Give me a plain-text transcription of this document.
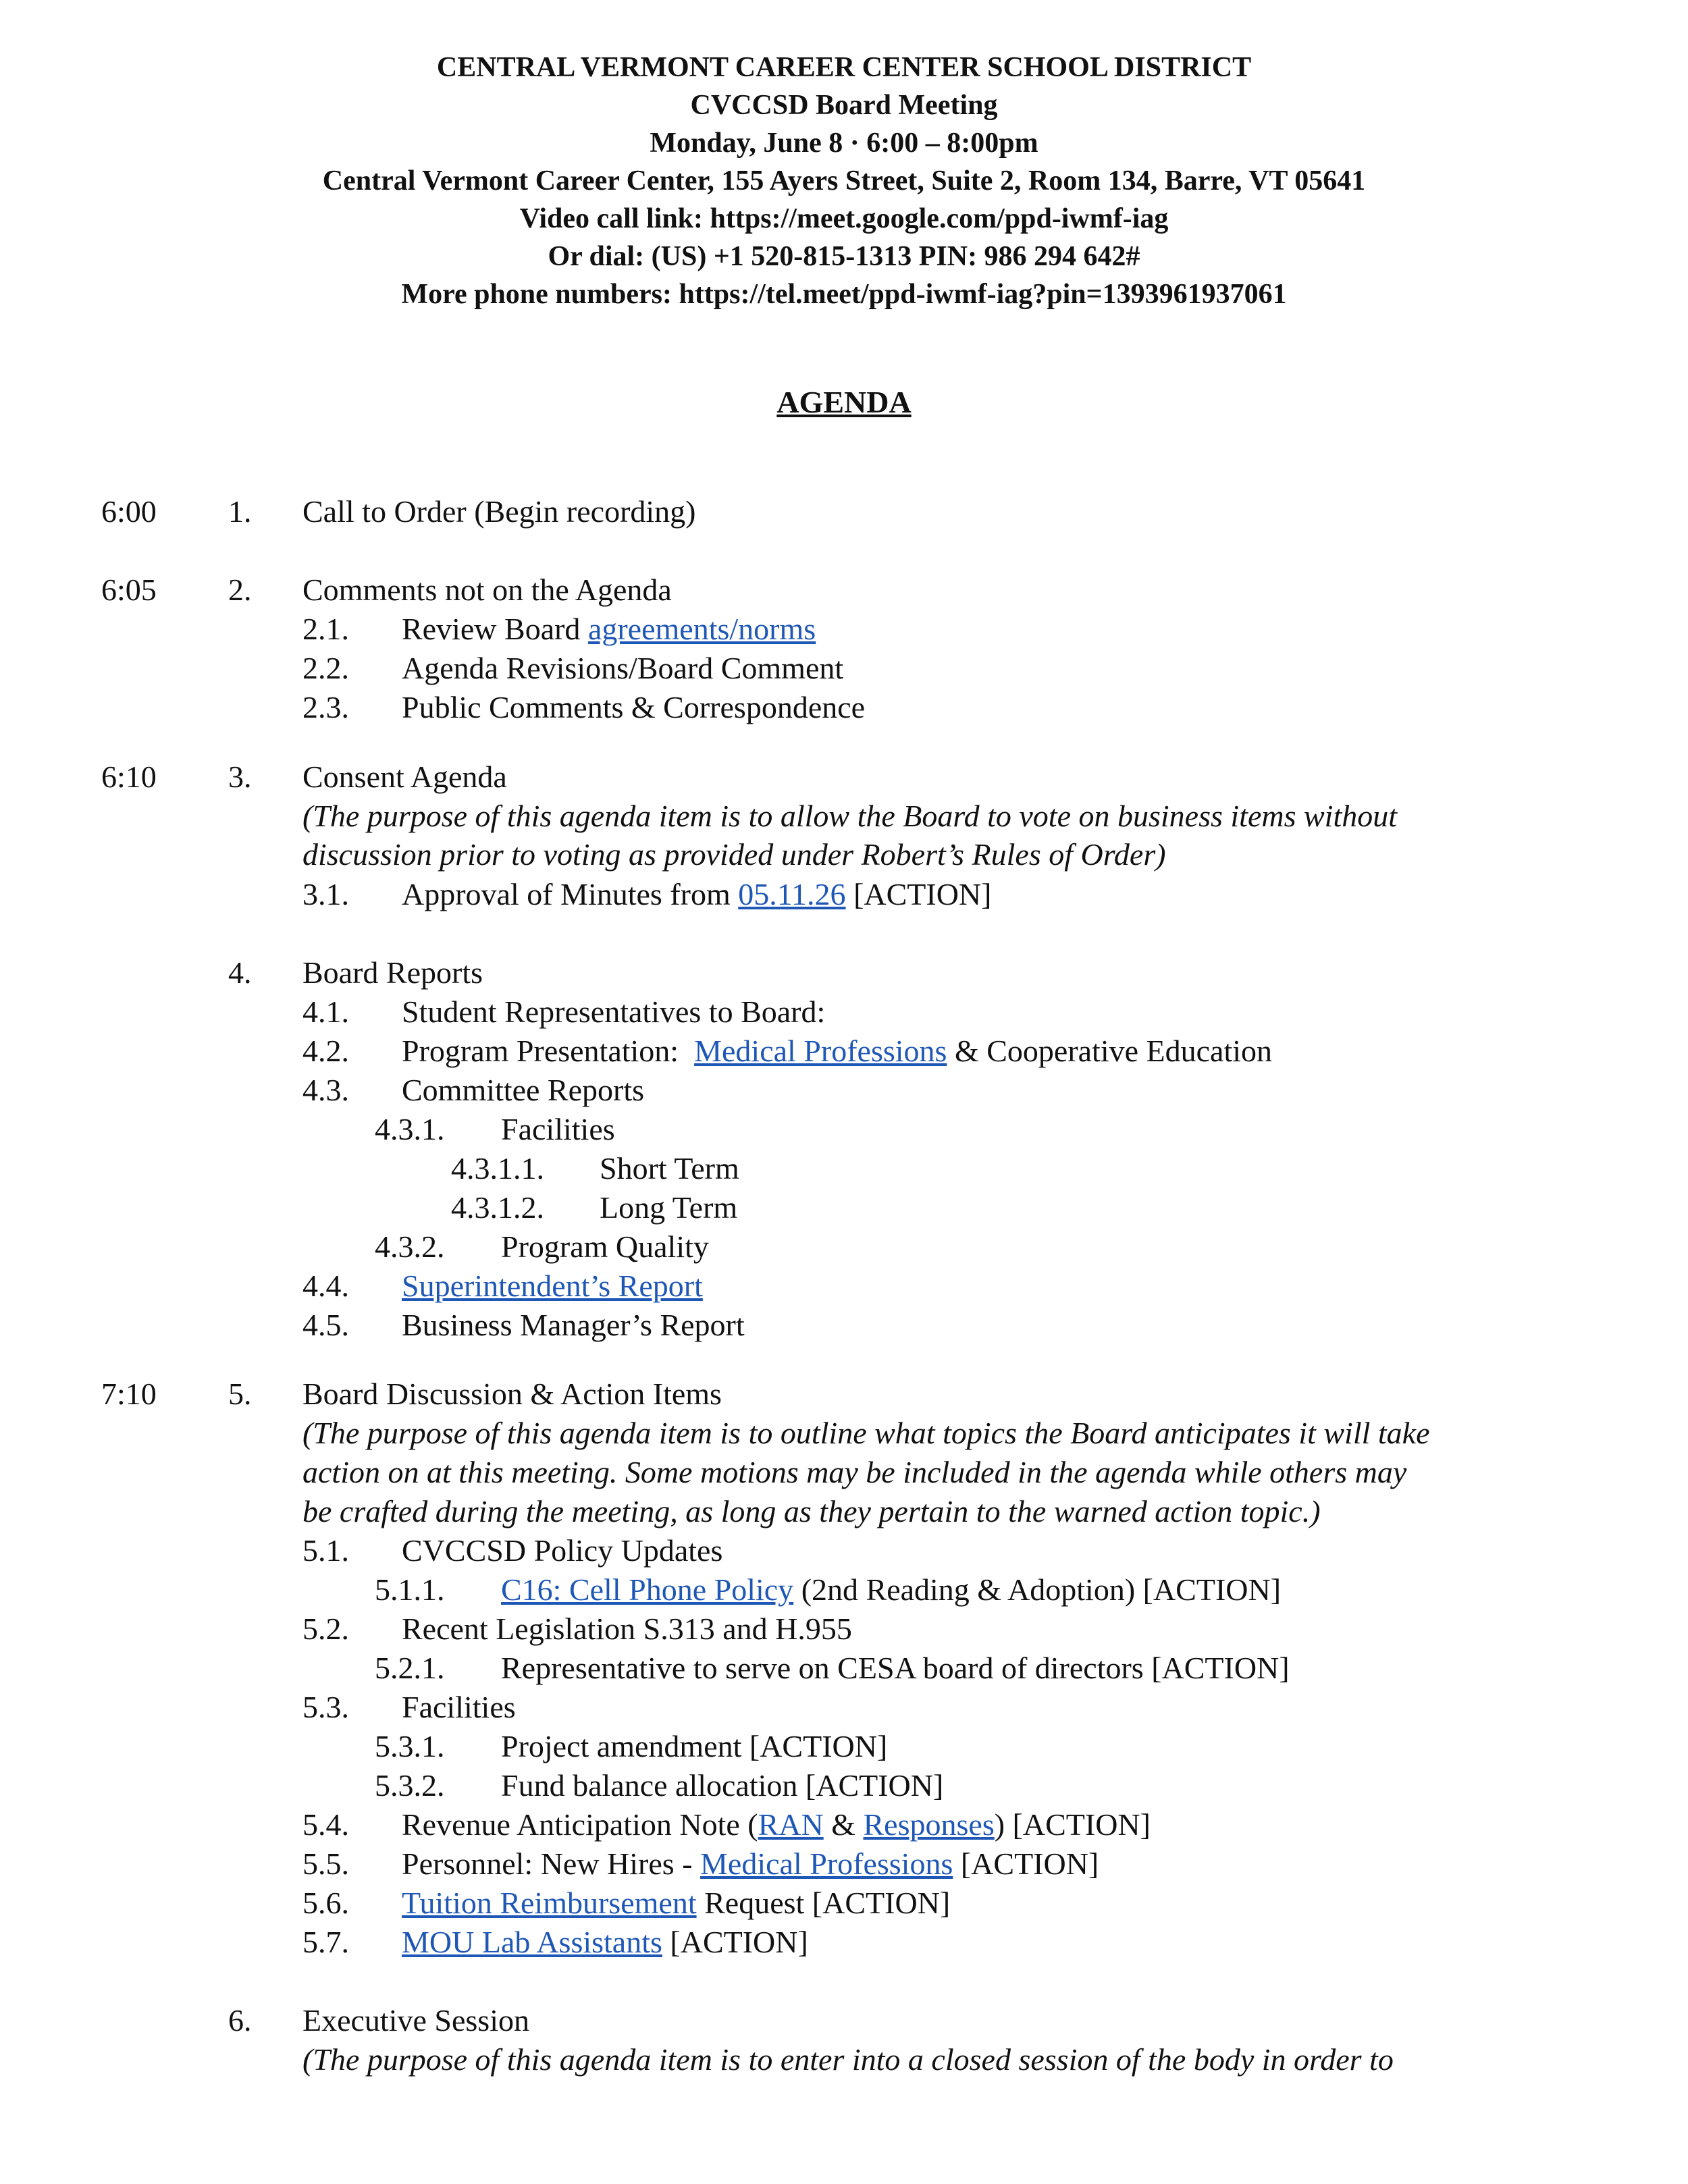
CENTRAL VERMONT CAREER CENTER SCHOOL DISTRICT
CVCCSD Board Meeting
Monday, June 8 · 6:00 – 8:00pm
Central Vermont Career Center, 155 Ayers Street, Suite 2, Room 134, Barre, VT 05641
Video call link: https://meet.google.com/ppd-iwmf-iag
Or dial: (US) +1 520-815-1313 PIN: 986 294 642#
More phone numbers: https://tel.meet/ppd-iwmf-iag?pin=1393961937061
AGENDA
6:00 1. Call to Order (Begin recording)
6:05 2. Comments not on the Agenda
2.1. Review Board agreements/norms
2.2. Agenda Revisions/Board Comment
2.3. Public Comments & Correspondence
6:10 3. Consent Agenda
(The purpose of this agenda item is to allow the Board to vote on business items without
discussion prior to voting as provided under Robert’s Rules of Order)
3.1. Approval of Minutes from 05.11.26 [ACTION]
4. Board Reports
4.1. Student Representatives to Board:
4.2. Program Presentation:  Medical Professions & Cooperative Education
4.3. Committee Reports
4.3.1. Facilities
4.3.1.1. Short Term
4.3.1.2. Long Term
4.3.2. Program Quality
4.4. Superintendent’s Report
4.5. Business Manager’s Report
7:10 5. Board Discussion & Action Items
(The purpose of this agenda item is to outline what topics the Board anticipates it will take
action on at this meeting. Some motions may be included in the agenda while others may
be crafted during the meeting, as long as they pertain to the warned action topic.)
5.1. CVCCSD Policy Updates
5.1.1. C16: Cell Phone Policy (2nd Reading & Adoption) [ACTION]
5.2. Recent Legislation S.313 and H.955
5.2.1. Representative to serve on CESA board of directors [ACTION]
5.3. Facilities
5.3.1. Project amendment [ACTION]
5.3.2. Fund balance allocation [ACTION]
5.4. Revenue Anticipation Note (RAN & Responses) [ACTION]
5.5. Personnel: New Hires - Medical Professions [ACTION]
5.6. Tuition Reimbursement Request [ACTION]
5.7. MOU Lab Assistants [ACTION]
6. Executive Session
(The purpose of this agenda item is to enter into a closed session of the body in order to
